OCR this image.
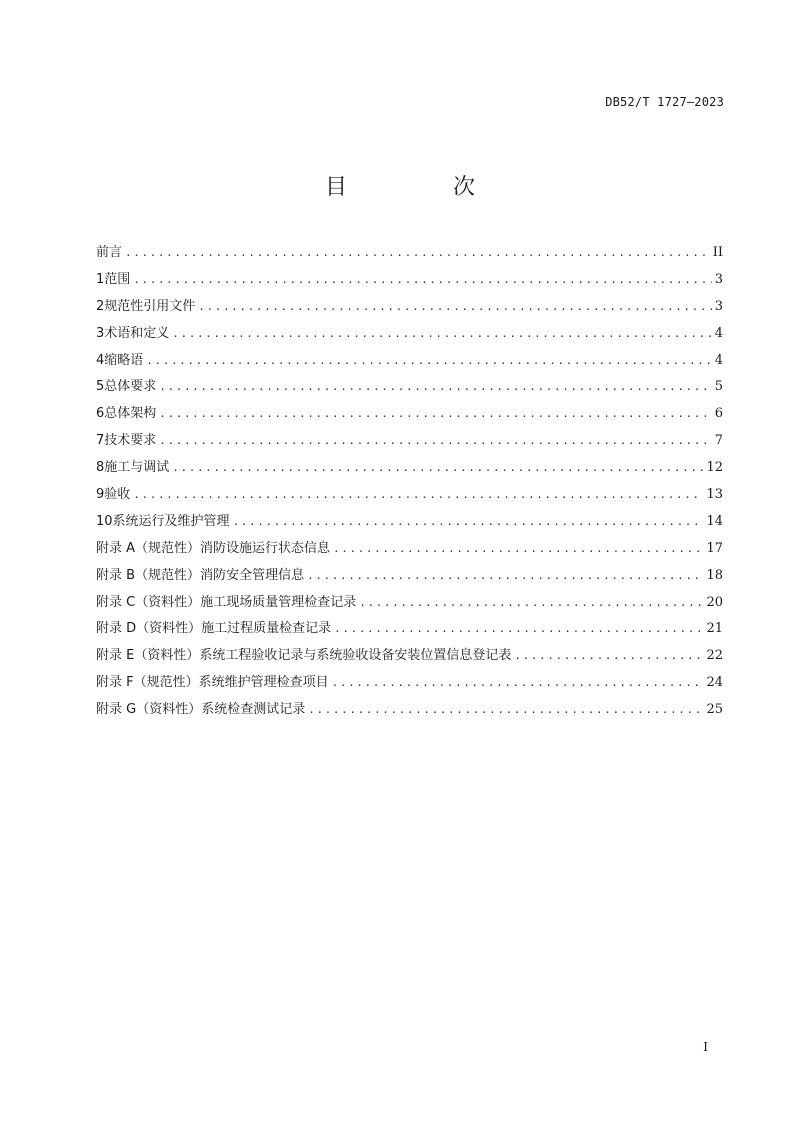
DB52/T 1727—2023
目　次
前言 .....	II
1 范围 .....	3
2 规范性引用文件 .....	3
3 术语和定义 .....	4
4 缩略语 .....	4
5 总体要求 .....	5
6 总体架构 .....	6
7 技术要求 .....	7
8 施工与调试 .....	12
9 验收 .....	13
10 系统运行及维护管理 .....	14
附录 A（规范性） 消防设施运行状态信息 .....	17
附录 B（规范性） 消防安全管理信息 .....	18
附录 C（资料性） 施工现场质量管理检查记录 .....	20
附录 D（资料性） 施工过程质量检查记录 .....	21
附录 E（资料性） 系统工程验收记录与系统验收设备安装位置信息登记表 .....	22
附录 F（规范性） 系统维护管理检查项目 .....	24
附录 G（资料性） 系统检查测试记录 .....	25
I
